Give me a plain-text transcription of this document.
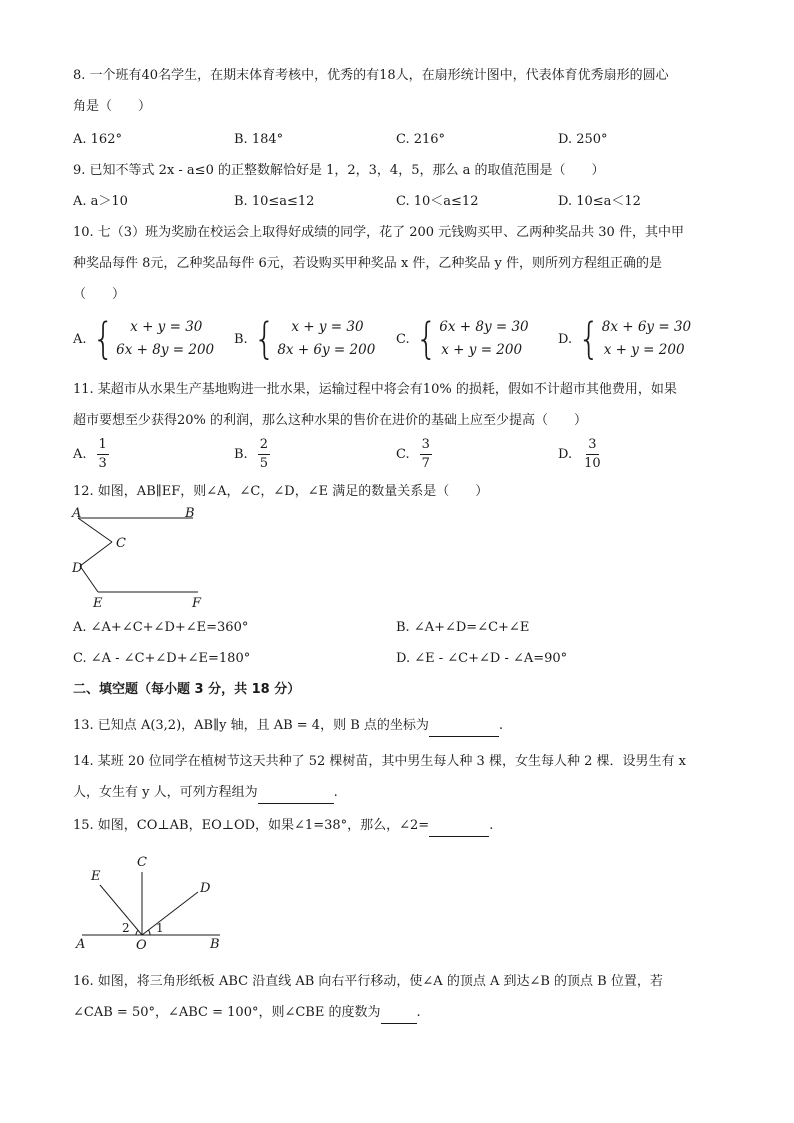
8. 一个班有40名学生，在期末体育考核中，优秀的有18人，在扇形统计图中，代表体育优秀扇形的圆心
角是（　　）
A. 162°	B. 184°	C. 216°	D. 250°
9. 已知不等式 2x - a≤0 的正整数解恰好是 1，2，3，4，5，那么 a 的取值范围是（　　）
A. a＞10	B. 10≤a≤12	C. 10＜a≤12	D. 10≤a＜12
10. 七（3）班为奖励在校运会上取得好成绩的同学，花了 200 元钱购买甲、乙两种奖品共 30 件，其中甲
种奖品每件 8元，乙种奖品每件 6元，若设购买甲种奖品 x 件，乙种奖品 y 件，则所列方程组正确的是
（　　）
A. {	x + y = 30
6x + 8y = 200
B. {	x + y = 30
8x + 6y = 200
C. { 6x + 8y = 30
x + y = 200
D. { 8x + 6y = 30
x + y = 200
11. 某超市从水果生产基地购进一批水果，运输过程中将会有10% 的损耗，假如不计超市其他费用，如果
超市要想至少获得20% 的利润，那么这种水果的售价在进价的基础上应至少提高（　　）
A. $\frac{1}{3}$	B. $\frac{2}{5}$	C. $\frac{3}{7}$	D. $\frac{3}{10}$
12. 如图，AB∥EF，则∠A，∠C，∠D，∠E 满足的数量关系是（　　）
A	B
C
D
E	F
A. ∠A+∠C+∠D+∠E=360°	B. ∠A+∠D=∠C+∠E
C. ∠A - ∠C+∠D+∠E=180°	D. ∠E - ∠C+∠D - ∠A=90°
二、填空题（每小题 3 分，共 18 分）
13. 已知点 A(3,2)，AB∥y 轴，且 AB = 4，则 B 点的坐标为	.
14. 某班 20 位同学在植树节这天共种了 52 棵树苗，其中男生每人种 3 棵，女生每人种 2 棵．设男生有 x
人，女生有 y 人，可列方程组为	.
15. 如图，CO⊥AB，EO⊥OD，如果∠1=38°，那么，∠2=	.
E
C
D
A	O	B
1
2
16. 如图，将三角形纸板 ABC 沿直线 AB 向右平行移动，使∠A 的顶点 A 到达∠B 的顶点 B 位置，若
∠CAB = 50°，∠ABC = 100°，则∠CBE 的度数为	.
